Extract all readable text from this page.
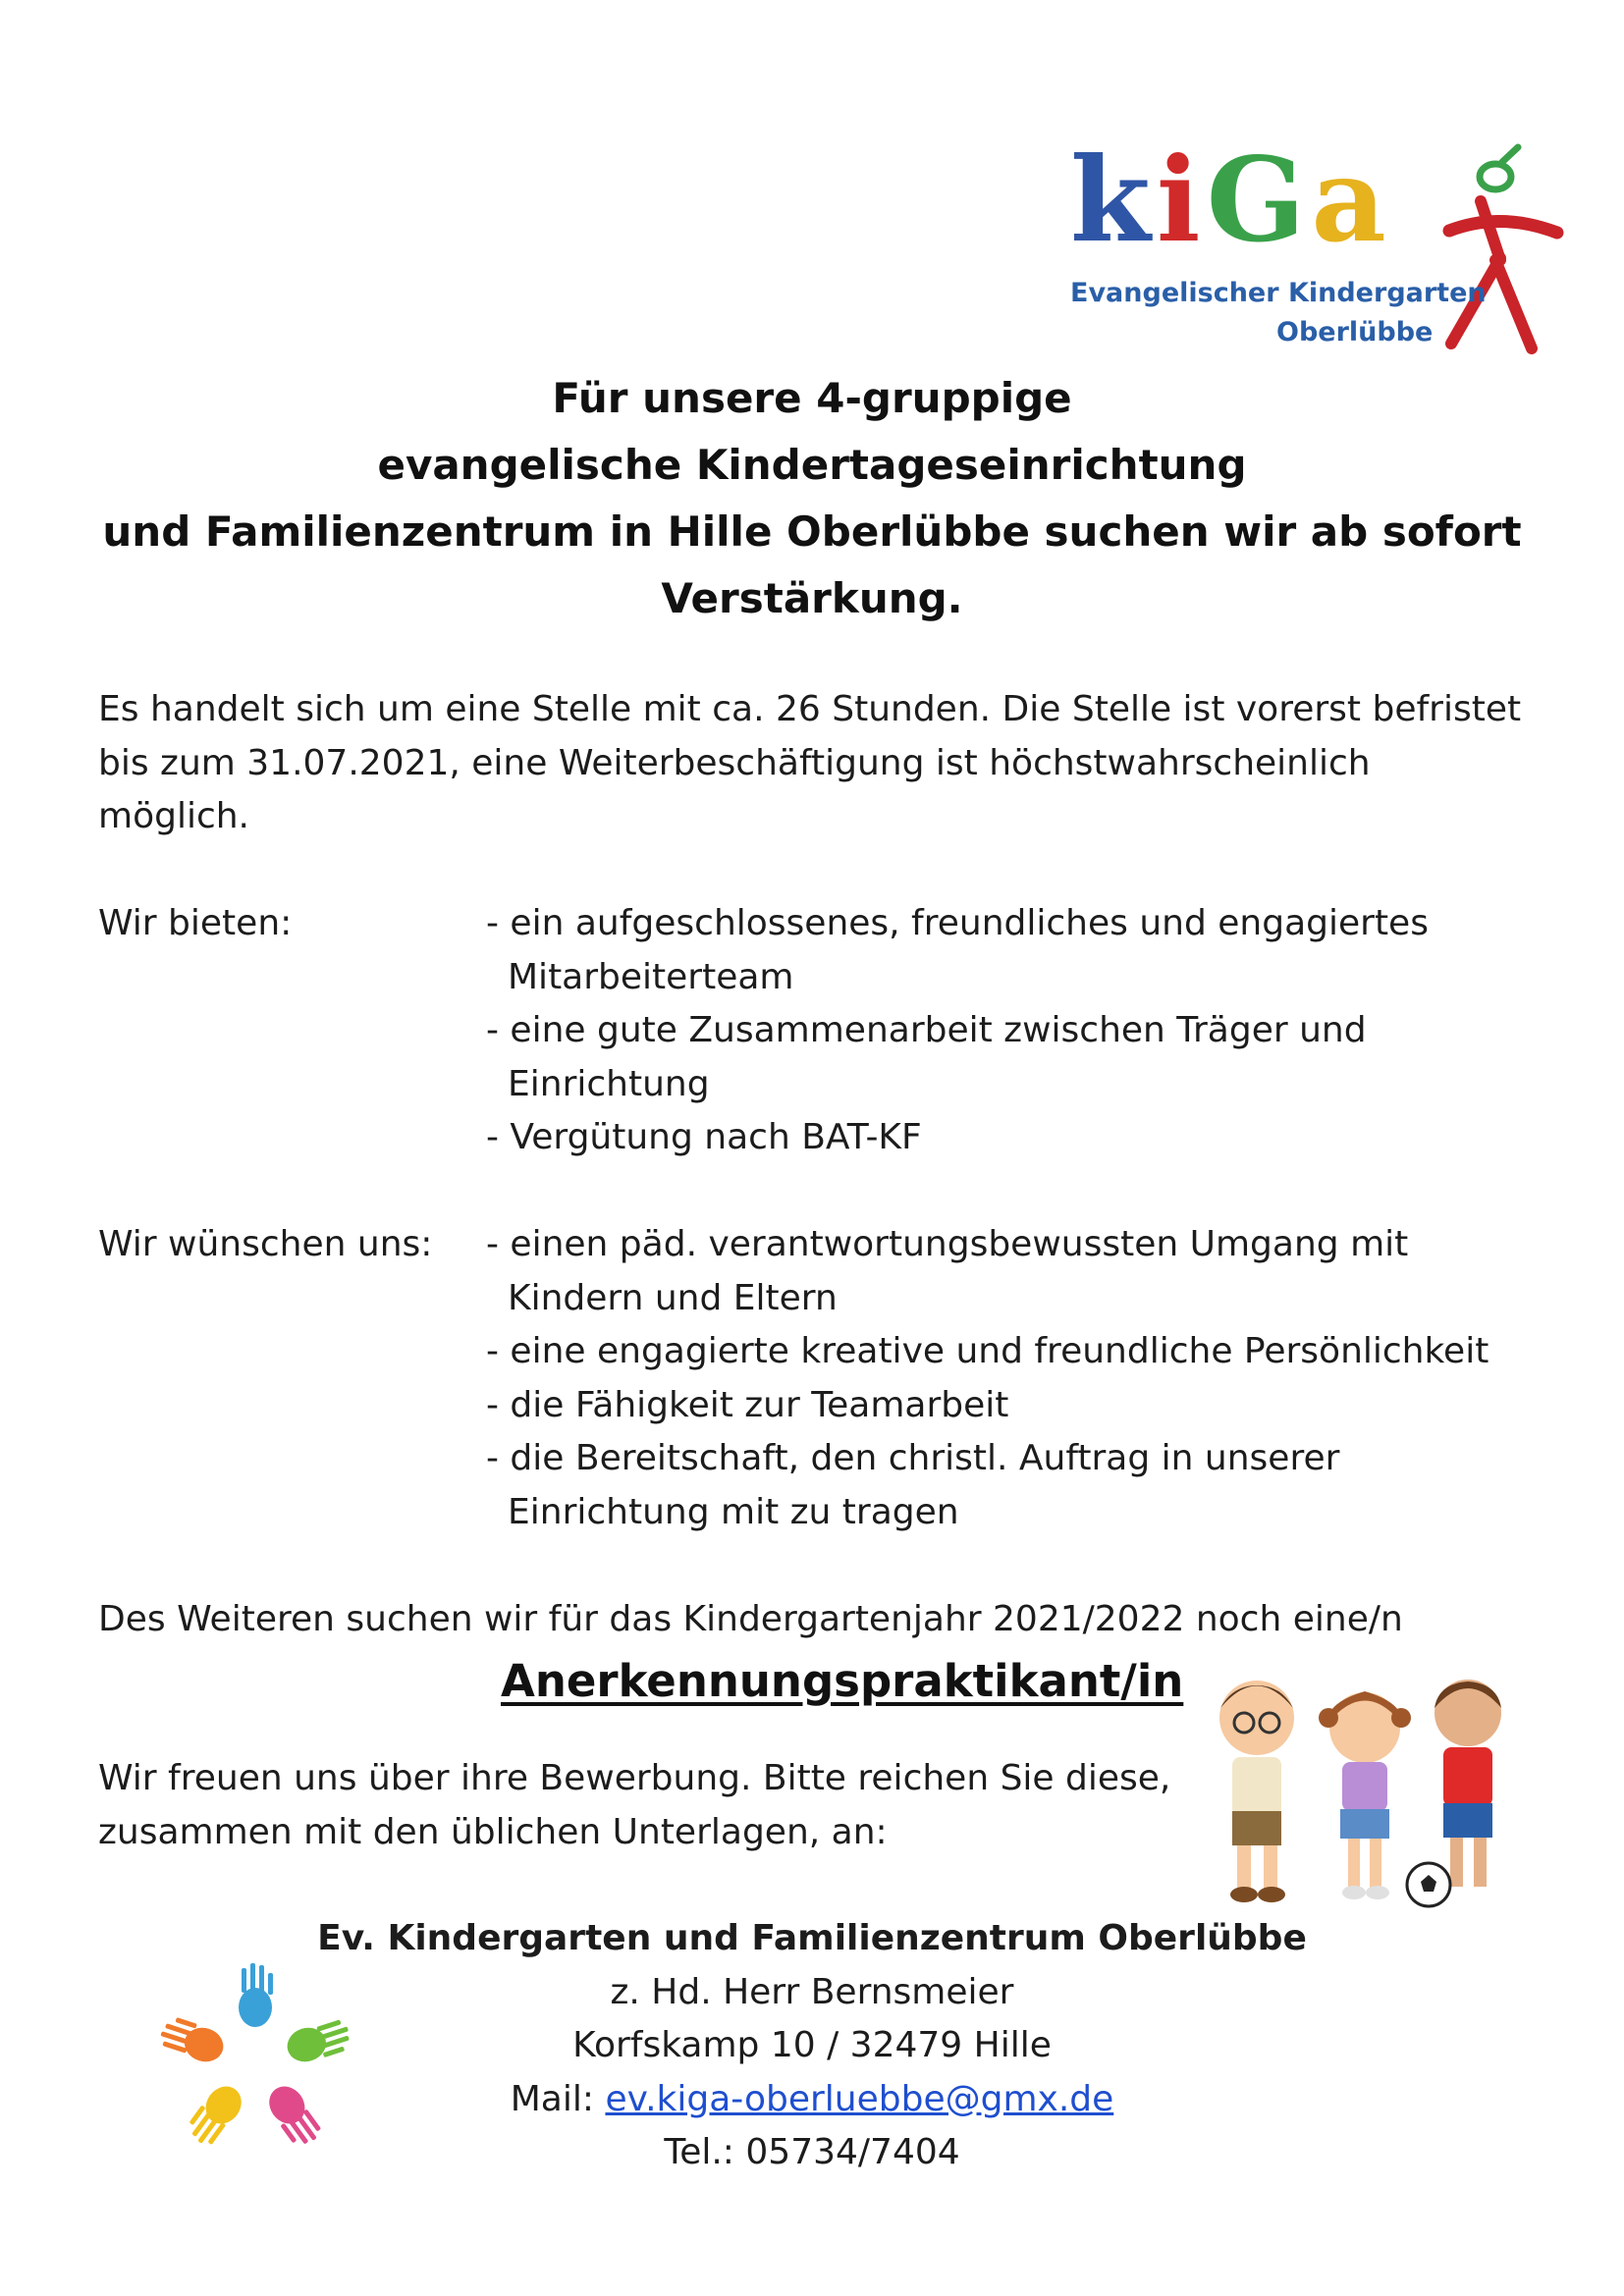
kiGa
Evangelischer Kindergarten
Oberlübbe
Für unsere 4-gruppige
evangelische Kindertageseinrichtung
und Familienzentrum in Hille Oberlübbe suchen wir ab sofort
Verstärkung.
Es handelt sich um eine Stelle mit ca. 26 Stunden. Die Stelle ist vorerst befristet
bis zum 31.07.2021, eine Weiterbeschäftigung ist höchstwahrscheinlich
möglich.
Wir bieten:	- ein aufgeschlossenes, freundliches und engagiertes
Mitarbeiterteam
- eine gute Zusammenarbeit zwischen Träger und
Einrichtung
- Vergütung nach BAT-KF
Wir wünschen uns: - einen päd. verantwortungsbewussten Umgang mit
Kindern und Eltern
- eine engagierte kreative und freundliche Persönlichkeit
- die Fähigkeit zur Teamarbeit
- die Bereitschaft, den christl. Auftrag in unserer
Einrichtung mit zu tragen
Des Weiteren suchen wir für das Kindergartenjahr 2021/2022 noch eine/n
Anerkennungspraktikant/in
Wir freuen uns über ihre Bewerbung. Bitte reichen Sie diese,
zusammen mit den üblichen Unterlagen, an:
Ev. Kindergarten und Familienzentrum Oberlübbe
z. Hd. Herr Bernsmeier
Korfskamp 10 / 32479 Hille
Mail: ev.kiga-oberluebbe@gmx.de
Tel.: 05734/7404
